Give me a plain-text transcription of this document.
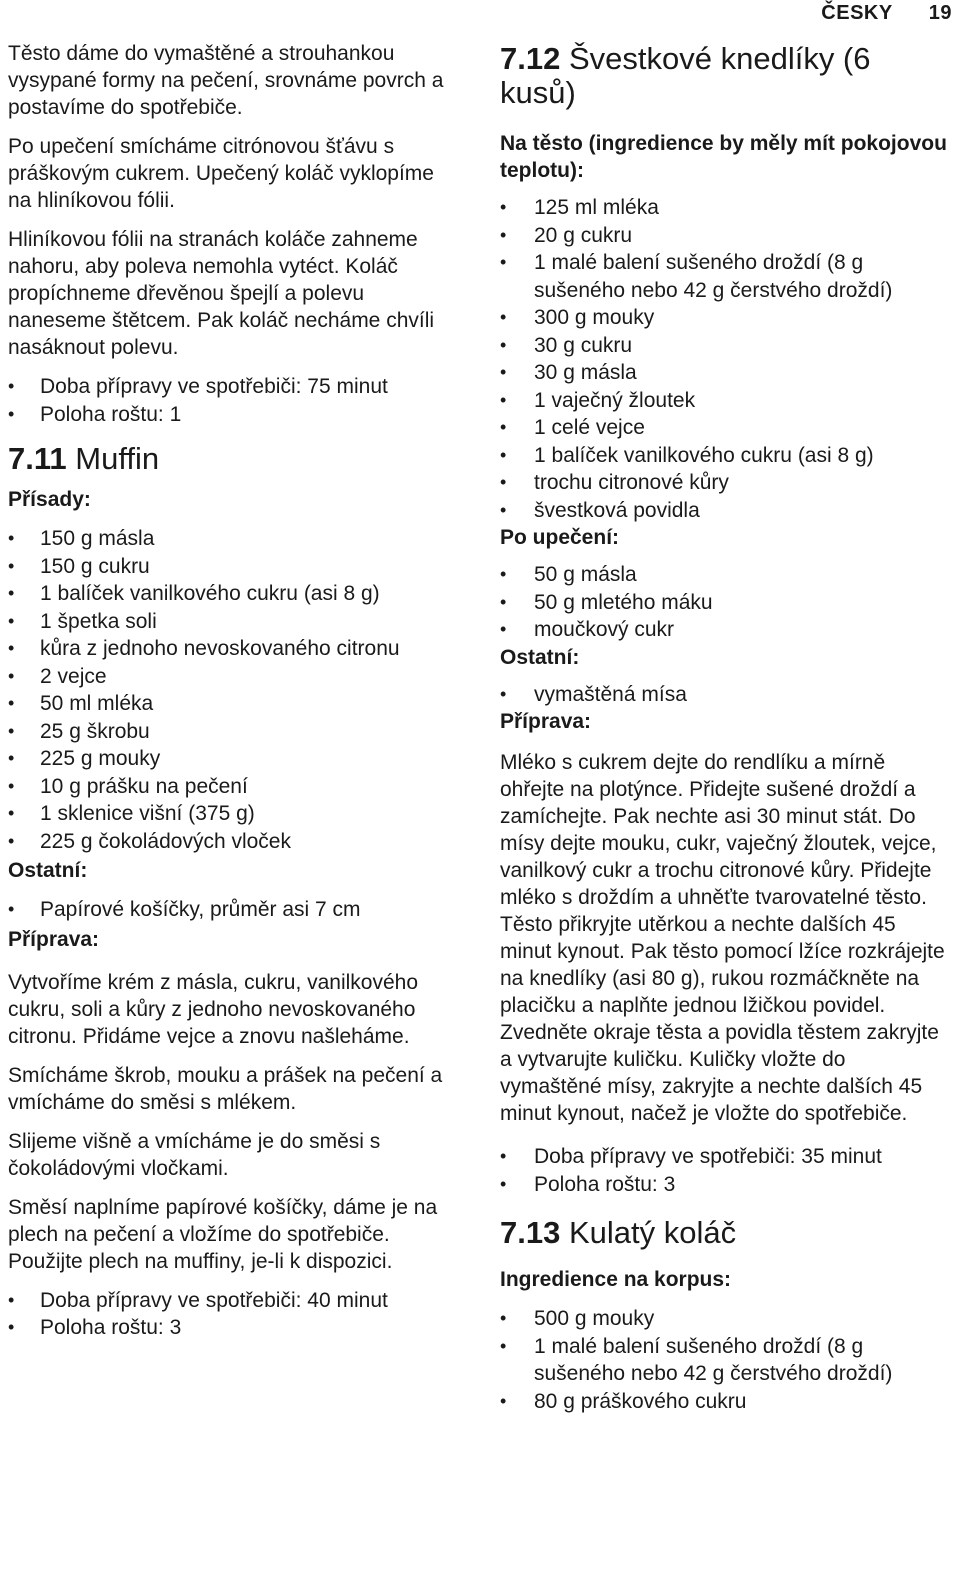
ČESKY 19

Těsto dáme do vymaštěné a strouhankou vysypané formy na pečení, srovnáme povrch a postavíme do spotřebiče.

Po upečení smícháme citrónovou šťávu s práškovým cukrem. Upečený koláč vyklopíme na hliníkovou fólii.

Hliníkovou fólii na stranách koláče zahneme nahoru, aby poleva nemohla vytéct. Koláč propíchneme dřevěnou špejlí a polevu naneseme štětcem. Pak koláč necháme chvíli nasáknout polevu.

• Doba přípravy ve spotřebiči: 75 minut
• Poloha roštu: 1
7.11 Muffin
Přísady:
• 150 g másla
• 150 g cukru
• 1 balíček vanilkového cukru (asi 8 g)
• 1 špetka soli
• kůra z jednoho nevoskovaného citronu
• 2 vejce
• 50 ml mléka
• 25 g škrobu
• 225 g mouky
• 10 g prášku na pečení
• 1 sklenice višní (375 g)
• 225 g čokoládových vloček
Ostatní:
• Papírové košíčky, průměr asi 7 cm
Příprava:

Vytvoříme krém z másla, cukru, vanilkového cukru, soli a kůry z jednoho nevoskovaného citronu. Přidáme vejce a znovu našleháme.

Smícháme škrob, mouku a prášek na pečení a vmícháme do směsi s mlékem.

Slijeme višně a vmícháme je do směsi s čokoládovými vločkami.

Směsí naplníme papírové košíčky, dáme je na plech na pečení a vložíme do spotřebiče. Použijte plech na muffiny, je-li k dispozici.

• Doba přípravy ve spotřebiči: 40 minut
• Poloha roštu: 3
7.12 Švestkové knedlíky (6 kusů)
Na těsto (ingredience by měly mít pokojovou teplotu):
• 125 ml mléka
• 20 g cukru
• 1 malé balení sušeného droždí (8 g sušeného nebo 42 g čerstvého droždí)
• 300 g mouky
• 30 g cukru
• 30 g másla
• 1 vaječný žloutek
• 1 celé vejce
• 1 balíček vanilkového cukru (asi 8 g)
• trochu citronové kůry
• švestková povidla
Po upečení:
• 50 g másla
• 50 g mletého máku
• moučkový cukr
Ostatní:
• vymaštěná mísa
Příprava:

Mléko s cukrem dejte do rendlíku a mírně ohřejte na plotýnce. Přidejte sušené droždí a zamíchejte. Pak nechte asi 30 minut stát. Do mísy dejte mouku, cukr, vaječný žloutek, vejce, vanilkový cukr a trochu citronové kůry. Přidejte mléko s droždím a uhněťte tvarovatelné těsto. Těsto přikryjte utěrkou a nechte dalších 45 minut kynout. Pak těsto pomocí lžíce rozkrájejte na knedlíky (asi 80 g), rukou rozmáčkněte na placičku a naplňte jednou lžičkou povidel. Zvedněte okraje těsta a povidla těstem zakryjte a vytvarujte kuličku. Kuličky vložte do vymaštěné mísy, zakryjte a nechte dalších 45 minut kynout, načež je vložte do spotřebiče.

• Doba přípravy ve spotřebiči: 35 minut
• Poloha roštu: 3
7.13 Kulatý koláč
Ingredience na korpus:
• 500 g mouky
• 1 malé balení sušeného droždí (8 g sušeného nebo 42 g čerstvého droždí)
• 80 g práškového cukru
